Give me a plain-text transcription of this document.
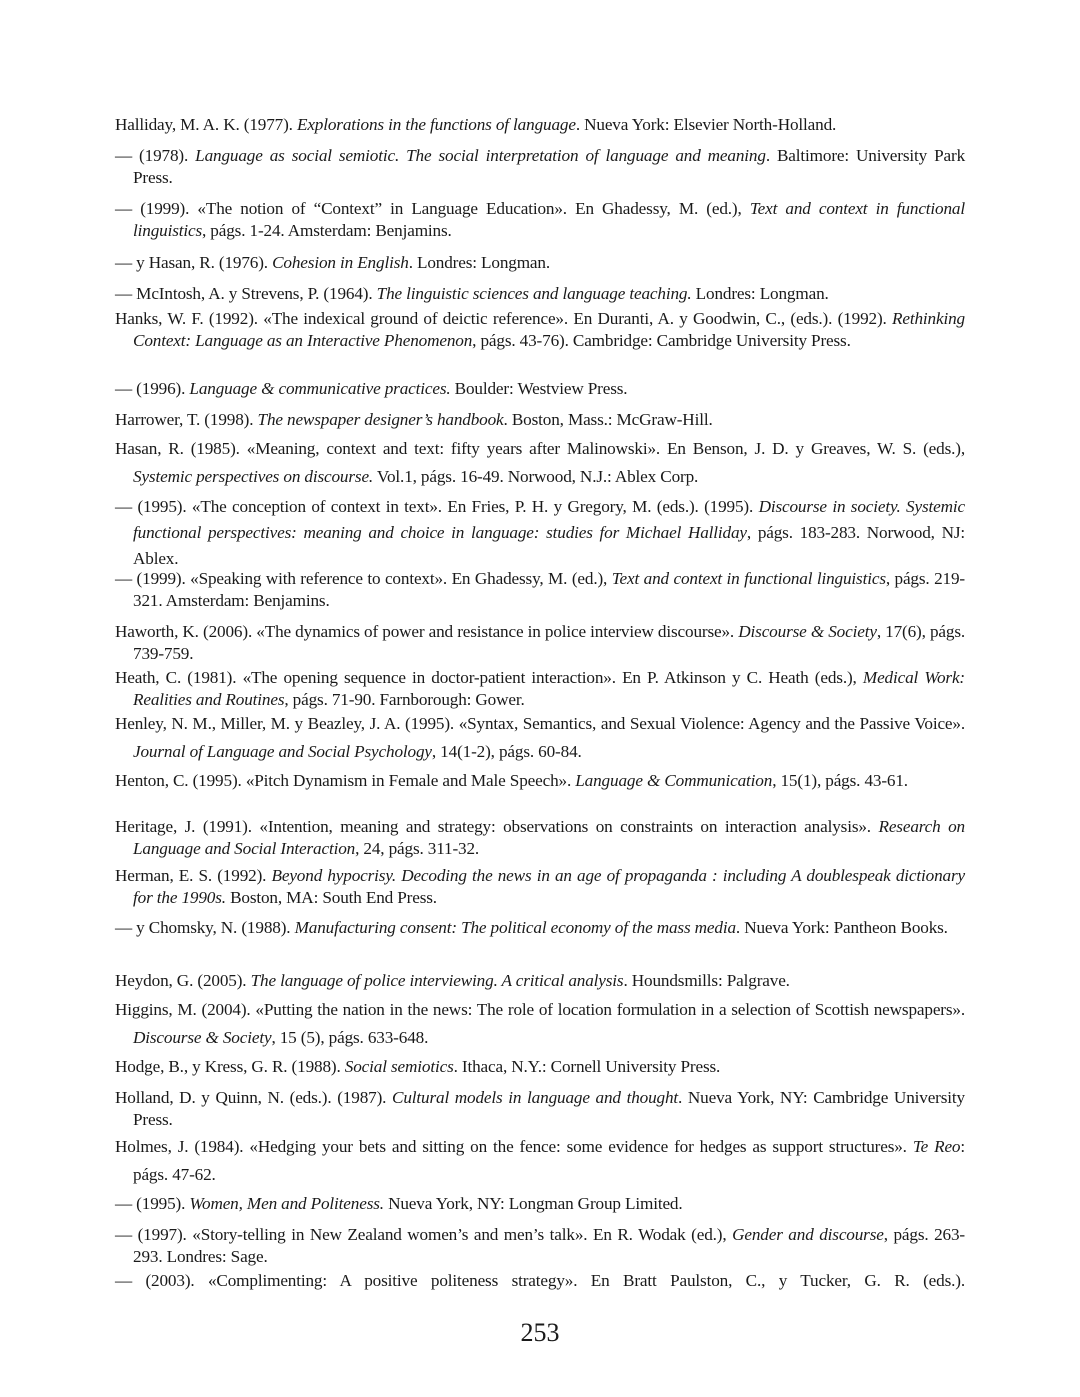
Halliday, M. A. K. (1977). Explorations in the functions of language. Nueva York: Elsevier North-Holland.
— (1978). Language as social semiotic. The social interpretation of language and meaning. Baltimore: University Park Press.
— (1999). «The notion of “Context” in Language Education». En Ghadessy, M. (ed.), Text and context in functional linguistics, págs. 1-24. Amsterdam: Benjamins.
— y Hasan, R. (1976). Cohesion in English. Londres: Longman.
— McIntosh, A. y Strevens, P. (1964). The linguistic sciences and language teaching. Londres: Longman.
Hanks, W. F. (1992). «The indexical ground of deictic reference». En Duranti, A. y Goodwin, C., (eds.). (1992). Rethinking Context: Language as an Interactive Phenomenon, págs. 43-76). Cambridge: Cambridge University Press.
— (1996). Language & communicative practices. Boulder: Westview Press.
Harrower, T. (1998). The newspaper designer’s handbook. Boston, Mass.: McGraw-Hill.
Hasan, R. (1985). «Meaning, context and text: fifty years after Malinowski». En Benson, J. D. y Greaves, W. S. (eds.), Systemic perspectives on discourse. Vol.1, págs. 16-49. Norwood, N.J.: Ablex Corp.
— (1995). «The conception of context in text». En Fries, P. H. y Gregory, M. (eds.). (1995). Discourse in society. Systemic functional perspectives: meaning and choice in language: studies for Michael Halliday, págs. 183-283. Norwood, NJ: Ablex.
— (1999). «Speaking with reference to context». En Ghadessy, M. (ed.), Text and context in functional linguistics, págs. 219-321. Amsterdam: Benjamins.
Haworth, K. (2006). «The dynamics of power and resistance in police interview discourse». Discourse & Society, 17(6), págs. 739-759.
Heath, C. (1981). «The opening sequence in doctor-patient interaction». En P. Atkinson y C. Heath (eds.), Medical Work: Realities and Routines, págs. 71-90. Farnborough: Gower.
Henley, N. M., Miller, M. y Beazley, J. A. (1995). «Syntax, Semantics, and Sexual Violence: Agency and the Passive Voice». Journal of Language and Social Psychology, 14(1-2), págs. 60-84.
Henton, C. (1995). «Pitch Dynamism in Female and Male Speech». Language & Communication, 15(1), págs. 43-61.
Heritage, J. (1991). «Intention, meaning and strategy: observations on constraints on interaction analysis». Research on Language and Social Interaction, 24, págs. 311-32.
Herman, E. S. (1992). Beyond hypocrisy. Decoding the news in an age of propaganda : including A doublespeak dictionary for the 1990s. Boston, MA: South End Press.
— y Chomsky, N. (1988). Manufacturing consent: The political economy of the mass media. Nueva York: Pantheon Books.
Heydon, G. (2005). The language of police interviewing. A critical analysis. Houndsmills: Palgrave.
Higgins, M. (2004). «Putting the nation in the news: The role of location formulation in a selection of Scottish newspapers». Discourse & Society, 15 (5), págs. 633-648.
Hodge, B., y Kress, G. R. (1988). Social semiotics. Ithaca, N.Y.: Cornell University Press.
Holland, D. y Quinn, N. (eds.). (1987). Cultural models in language and thought. Nueva York, NY: Cambridge University Press.
Holmes, J. (1984). «Hedging your bets and sitting on the fence: some evidence for hedges as support structures». Te Reo: págs. 47-62.
— (1995). Women, Men and Politeness. Nueva York, NY: Longman Group Limited.
— (1997). «Story-telling in New Zealand women’s and men’s talk». En R. Wodak (ed.), Gender and discourse, págs. 263-293. Londres: Sage.
— (2003). «Complimenting: A positive politeness strategy». En Bratt Paulston, C., y Tucker, G. R. (eds.).
253
